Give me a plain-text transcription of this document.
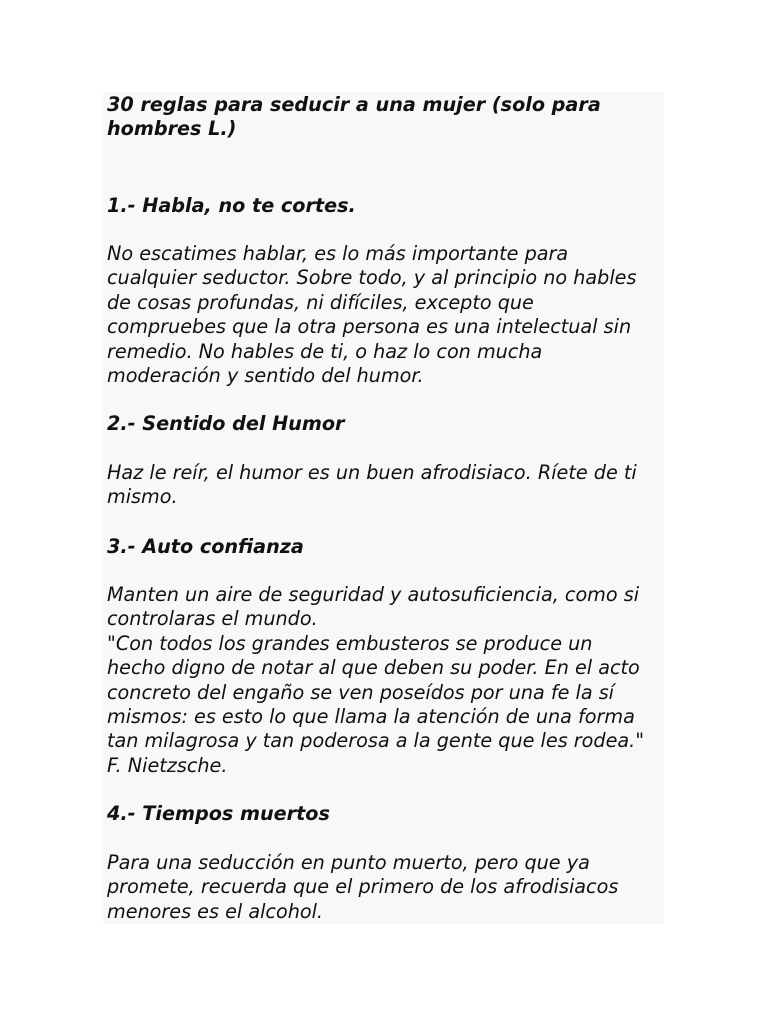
30 reglas para seducir a una mujer (solo para
hombres L.)
1.- Habla, no te cortes.

No escatimes hablar, es lo más importante para
cualquier seductor. Sobre todo, y al principio no hables
de cosas profundas, ni difíciles, excepto que
compruebes que la otra persona es una intelectual sin
remedio. No hables de ti, o haz lo con mucha
moderación y sentido del humor.

2.- Sentido del Humor

Haz le reír, el humor es un buen afrodisiaco. Ríete de ti
mismo.

3.- Auto confianza

Manten un aire de seguridad y autosuficiencia, como si
controlaras el mundo.
"Con todos los grandes embusteros se produce un
hecho digno de notar al que deben su poder. En el acto
concreto del engaño se ven poseídos por una fe la sí
mismos: es esto lo que llama la atención de una forma
tan milagrosa y tan poderosa a la gente que les rodea."
F. Nietzsche.

4.- Tiempos muertos

Para una seducción en punto muerto, pero que ya
promete, recuerda que el primero de los afrodisiacos
menores es el alcohol.
